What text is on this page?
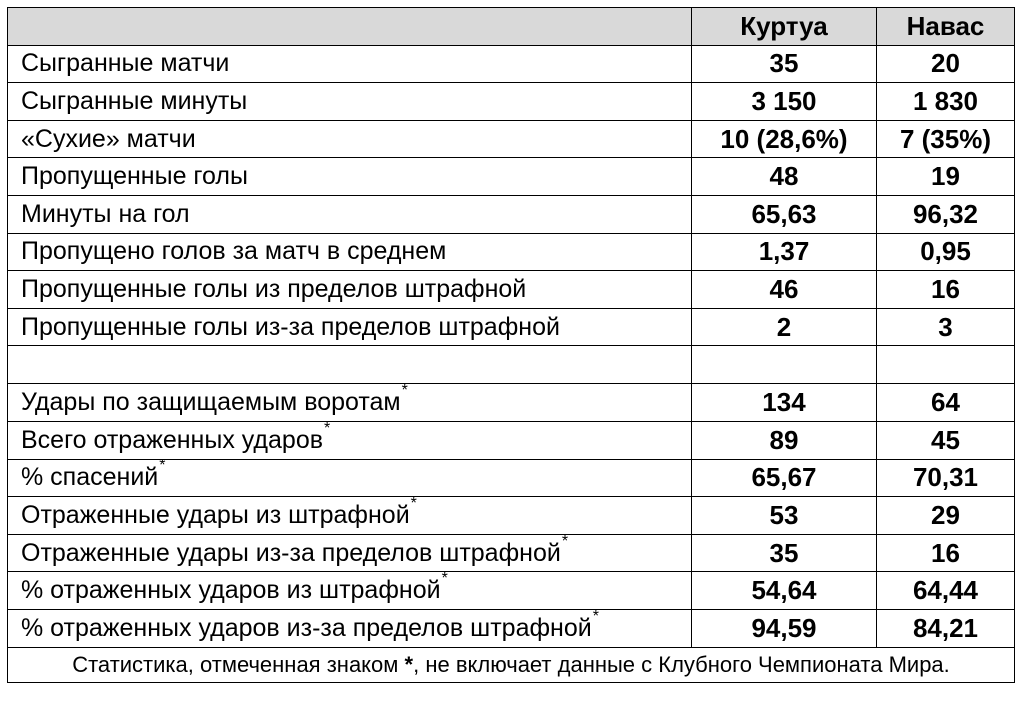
	Куртуа	Навас
Сыгранные матчи	35	20
Сыгранные минуты	3 150	1 830
«Сухие» матчи	10 (28,6%)	7 (35%)
Пропущенные голы	48	19
Минуты на гол	65,63	96,32
Пропущено голов за матч в среднем	1,37	0,95
Пропущенные голы из пределов штрафной	46	16
Пропущенные голы из-за пределов штрафной	2	3

Удары по защищаемым воротам*	134	64
Всего отраженных ударов*	89	45
% спасений*	65,67	70,31
Отраженные удары из штрафной*	53	29
Отраженные удары из-за пределов штрафной*	35	16
% отраженных ударов из штрафной*	54,64	64,44
% отраженных ударов из-за пределов штрафной*	94,59	84,21
Статистика, отмеченная знаком *, не включает данные с Клубного Чемпионата Мира.		
